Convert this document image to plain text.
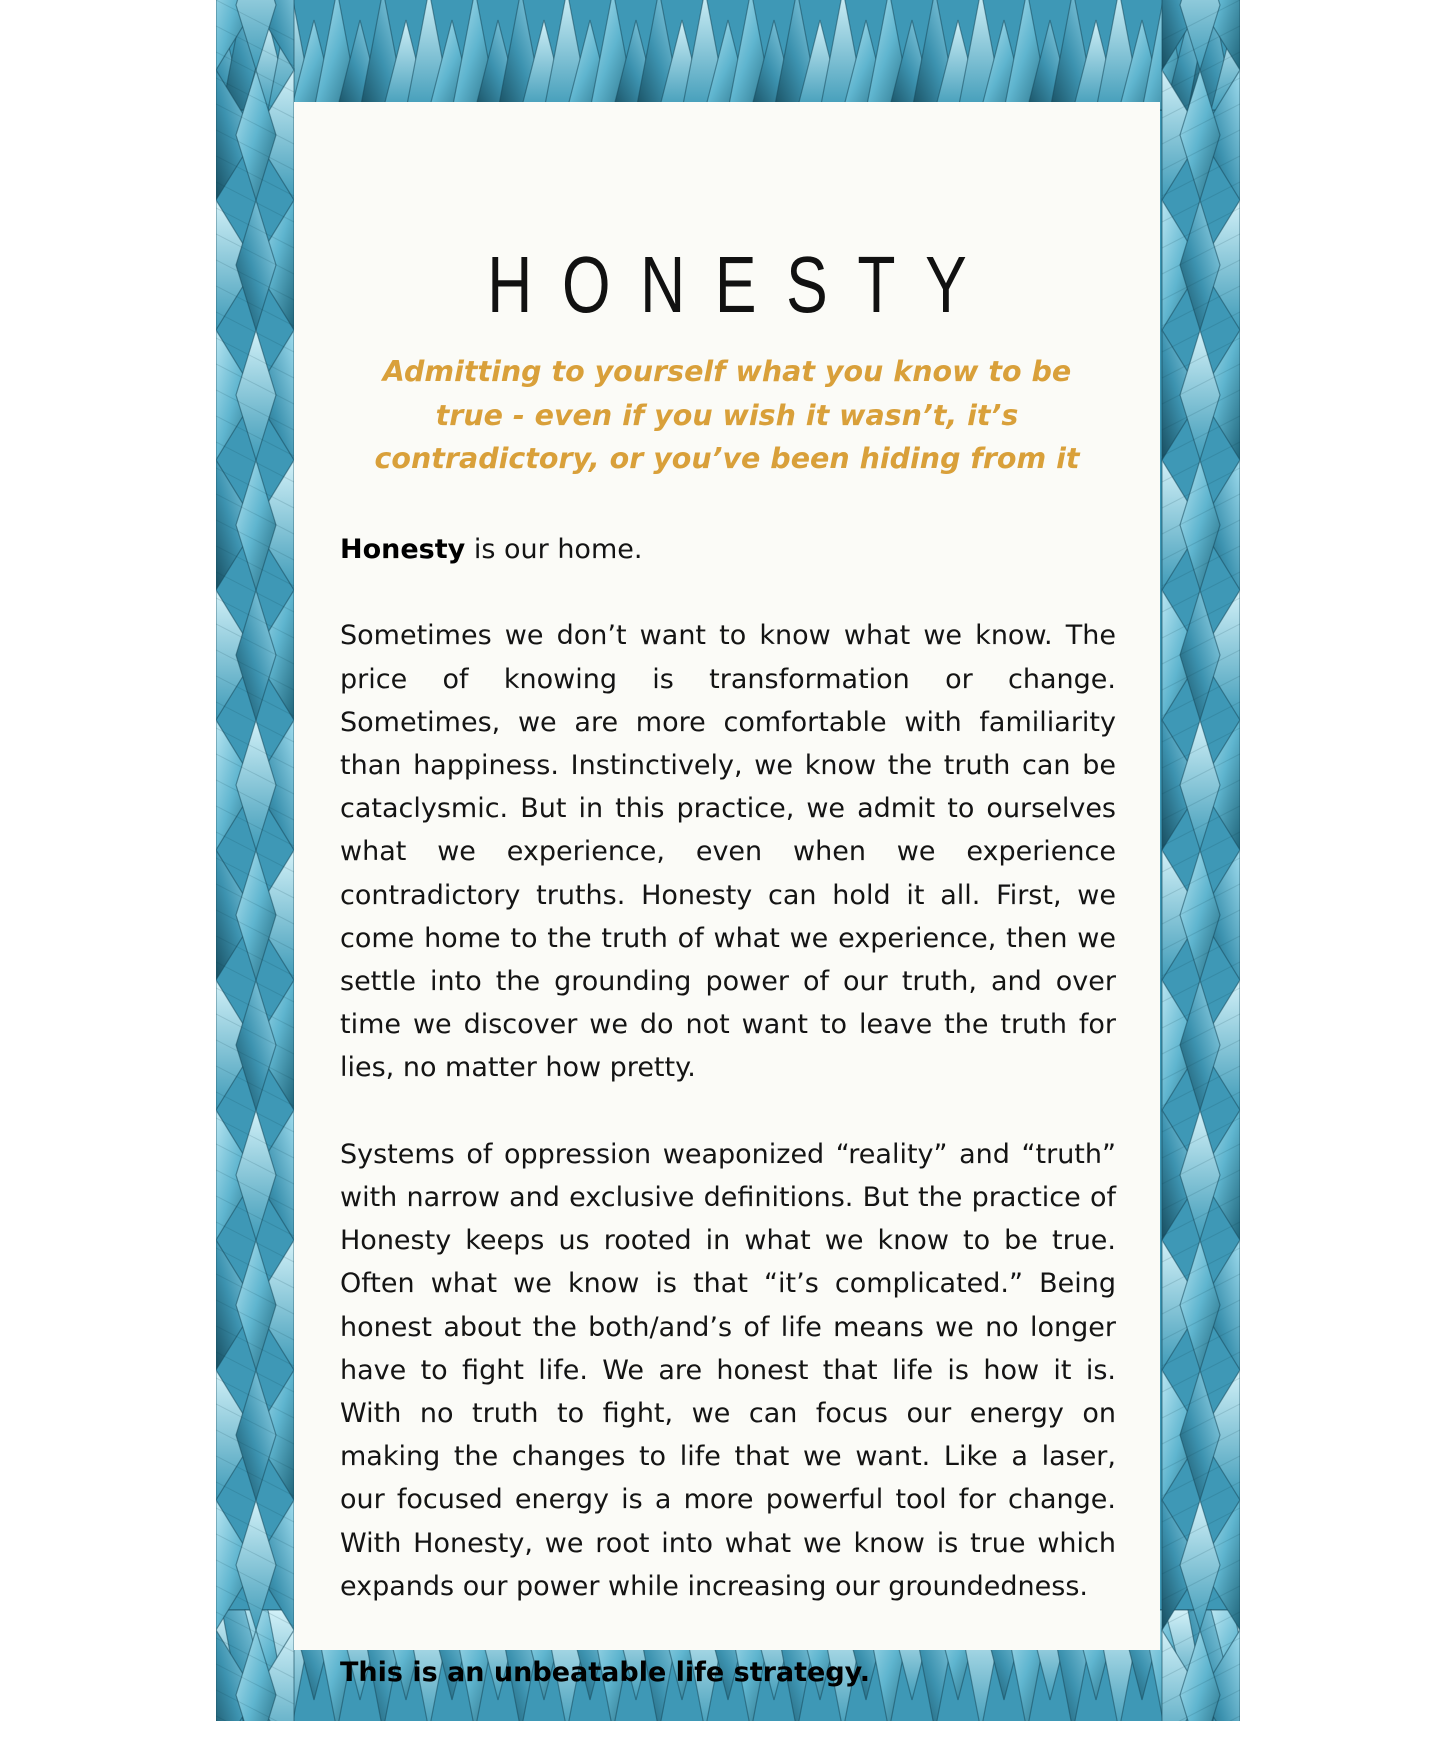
HONESTY
Admitting to yourself what you know to be true - even if you wish it wasn’t, it’s contradictory, or you’ve been hiding from it

Honesty is our home.

Sometimes we don’t want to know what we know. The price of knowing is transformation or change. Sometimes, we are more comfortable with familiarity than happiness. Instinctively, we know the truth can be cataclysmic. But in this practice, we admit to ourselves what we experience, even when we experience contradictory truths. Honesty can hold it all. First, we come home to the truth of what we experience, then we settle into the grounding power of our truth, and over time we discover we do not want to leave the truth for lies, no matter how pretty.

Systems of oppression weaponized “reality” and “truth” with narrow and exclusive definitions. But the practice of Honesty keeps us rooted in what we know to be true. Often what we know is that “it’s complicated.” Being honest about the both/and’s of life means we no longer have to fight life. We are honest that life is how it is. With no truth to fight, we can focus our energy on making the changes to life that we want. Like a laser, our focused energy is a more powerful tool for change. With Honesty, we root into what we know is true which expands our power while increasing our groundedness.

This is an unbeatable life strategy.
